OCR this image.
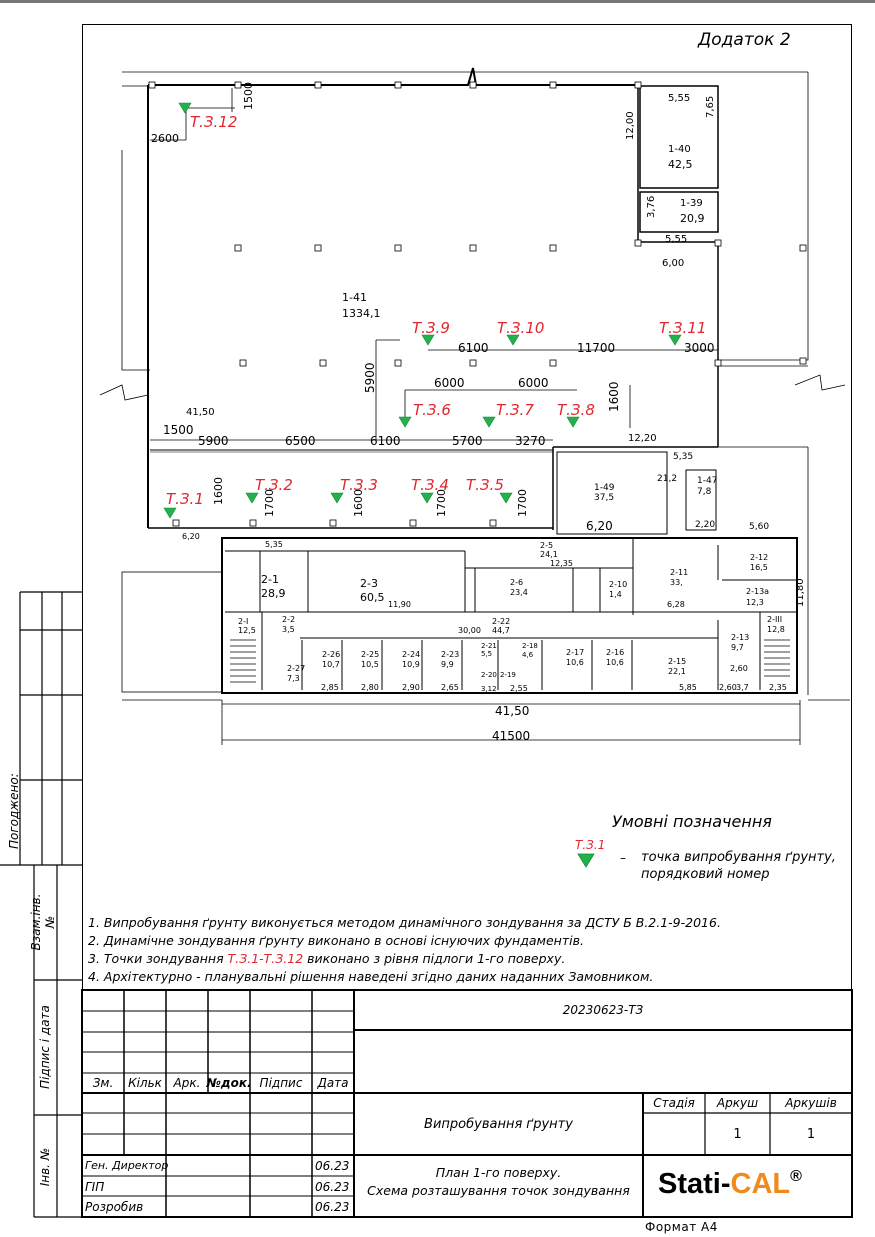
Додаток 2
1500
2600
5,55 7,65
12,00
1-40
42,5
1-39
20,9
3,76
5,55
6,00
1-41
1334,1
6100	11700	3000
5900	6000	6000	1600
41,50
1500
5900	6500	6100	5700	3270	12,20
5,35
21,2
1-49
37,5
1-47
7,8
6,20	2,20	5,60
1600	1700	1600	1700	1700
6,20
5,35	2-5
24,1
12,35
2-1
28,9
2-3
60,5
2-6
23,4
2-10
1,4
2-11
33,
2-12
16,5
2-13а
12,3
6,28
11,90	11,80
2-2
3,5
2-III
12,8
30,00
2-22
44,7
2-I
12,5
2-13
9,7
2-26
10,7
2-25
10,5
2-24
10,9
2-23
9,9
2-21
5,5
2-18
4,6	2-17
10,6
2-16
10,6	2-15
22,1	2,60
2-27
7,3	2-20
3,12
2-19
2,85	2,80	2,90	2,65	2,55	5,85	2,60 3,7	2,35
41,50
41500
Т.З.12
Т.З.9	Т.З.10	Т.З.11
Т.З.6	Т.З.7 Т.З.8
Т.З.1
Т.З.2	Т.З.3 Т.З.4 Т.З.5
Умовні позначення
Т.З.1
– точка випробування ґрунту,
порядковий номер
1. Випробування ґрунту виконується методом динамічного зондування за ДСТУ Б В.2.1-9-2016.
2. Динамічне зондування ґрунту виконано в основі існуючих фундаментів.
3. Точки зондування Т.З.1-Т.З.12 виконано з рівня підлоги 1-го поверху.
4. Архітектурно - планувальні рішення наведені згідно даних наданних Замовником.
Погоджено:
Взам.інв. №
Підпис і дата
Інв. №
20230623-ТЗ
Зм.	Кільк Арк. №док. Підпис	Дата
Випробування ґрунту
Стадія	Аркуш	Аркушів
1	1
Ген. Директор	06.23
ГІП	06.23
Розробив	06.23
План 1-го поверху.
Схема розташування точок зондування Stati-CAL®
Формат А4
